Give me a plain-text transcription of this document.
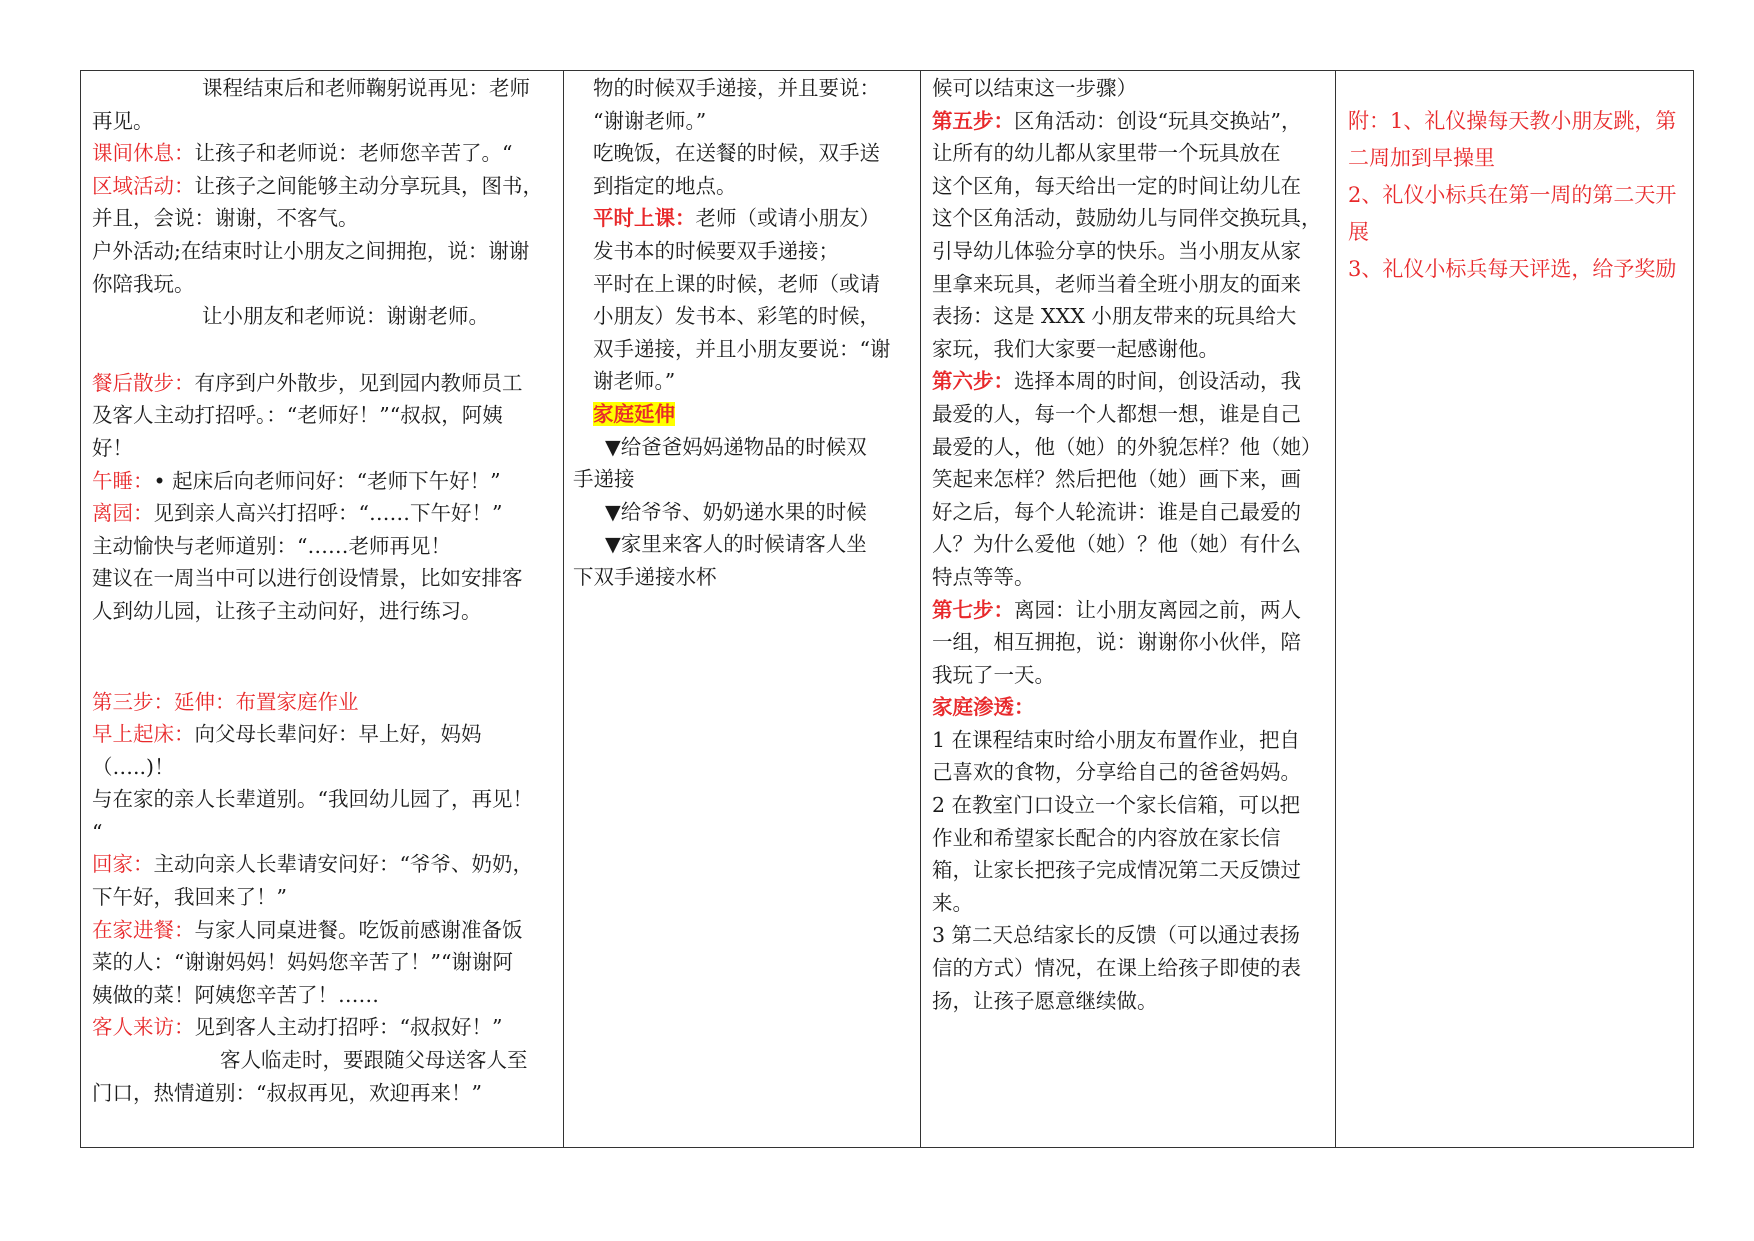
课程结束后和老师鞠躬说再见：老师
再见。
课间休息：让孩子和老师说：老师您辛苦了。“
区域活动：让孩子之间能够主动分享玩具，图书，
并且，会说：谢谢，不客气。
户外活动;在结束时让小朋友之间拥抱，说：谢谢
你陪我玩。
让小朋友和老师说：谢谢老师。
餐后散步：有序到户外散步，见到园内教师员工
及客人主动打招呼。：“老师好！”“叔叔，阿姨
好！
午睡：• 起床后向老师问好：“老师下午好！”
离园：见到亲人高兴打招呼：“……下午好！”
主动愉快与老师道别：“……老师再见！
建议在一周当中可以进行创设情景，比如安排客
人到幼儿园，让孩子主动问好，进行练习。
第三步：延伸：布置家庭作业
早上起床：向父母长辈问好：早上好，妈妈
（…..)！
与在家的亲人长辈道别。“我回幼儿园了，再见！
“
回家：主动向亲人长辈请安问好：“爷爷、奶奶，
下午好，我回来了！”
在家进餐：与家人同桌进餐。吃饭前感谢准备饭
菜的人：“谢谢妈妈！妈妈您辛苦了！”“谢谢阿
姨做的菜！阿姨您辛苦了！……
客人来访：见到客人主动打招呼：“叔叔好！”
客人临走时，要跟随父母送客人至
门口，热情道别：“叔叔再见，欢迎再来！”
物的时候双手递接，并且要说：
“谢谢老师。”
吃晚饭，在送餐的时候，双手送
到指定的地点。
平时上课：老师（或请小朋友）
发书本的时候要双手递接；
平时在上课的时候，老师（或请
小朋友）发书本、彩笔的时候，
双手递接，并且小朋友要说：“谢
谢老师。”
家庭延伸
▼给爸爸妈妈递物品的时候双
手递接
▼给爷爷、奶奶递水果的时候
▼家里来客人的时候请客人坐
下双手递接水杯
候可以结束这一步骤）
第五步：区角活动：创设“玩具交换站”，
让所有的幼儿都从家里带一个玩具放在
这个区角，每天给出一定的时间让幼儿在
这个区角活动，鼓励幼儿与同伴交换玩具，
引导幼儿体验分享的快乐。当小朋友从家
里拿来玩具，老师当着全班小朋友的面来
表扬：这是 XXX 小朋友带来的玩具给大
家玩，我们大家要一起感谢他。
第六步：选择本周的时间，创设活动，我
最爱的人，每一个人都想一想，谁是自己
最爱的人，他（她）的外貌怎样？他（她）
笑起来怎样？然后把他（她）画下来，画
好之后，每个人轮流讲：谁是自己最爱的
人？为什么爱他（她）？他（她）有什么
特点等等。
第七步：离园：让小朋友离园之前，两人
一组，相互拥抱，说：谢谢你小伙伴，陪
我玩了一天。
家庭渗透：
1 在课程结束时给小朋友布置作业，把自
己喜欢的食物，分享给自己的爸爸妈妈。
2 在教室门口设立一个家长信箱，可以把
作业和希望家长配合的内容放在家长信
箱，让家长把孩子完成情况第二天反馈过
来。
3 第二天总结家长的反馈（可以通过表扬
信的方式）情况，在课上给孩子即使的表
扬，让孩子愿意继续做。
附：1、礼仪操每天教小朋友跳，第
二周加到早操里
2、礼仪小标兵在第一周的第二天开
展
3、礼仪小标兵每天评选，给予奖励
